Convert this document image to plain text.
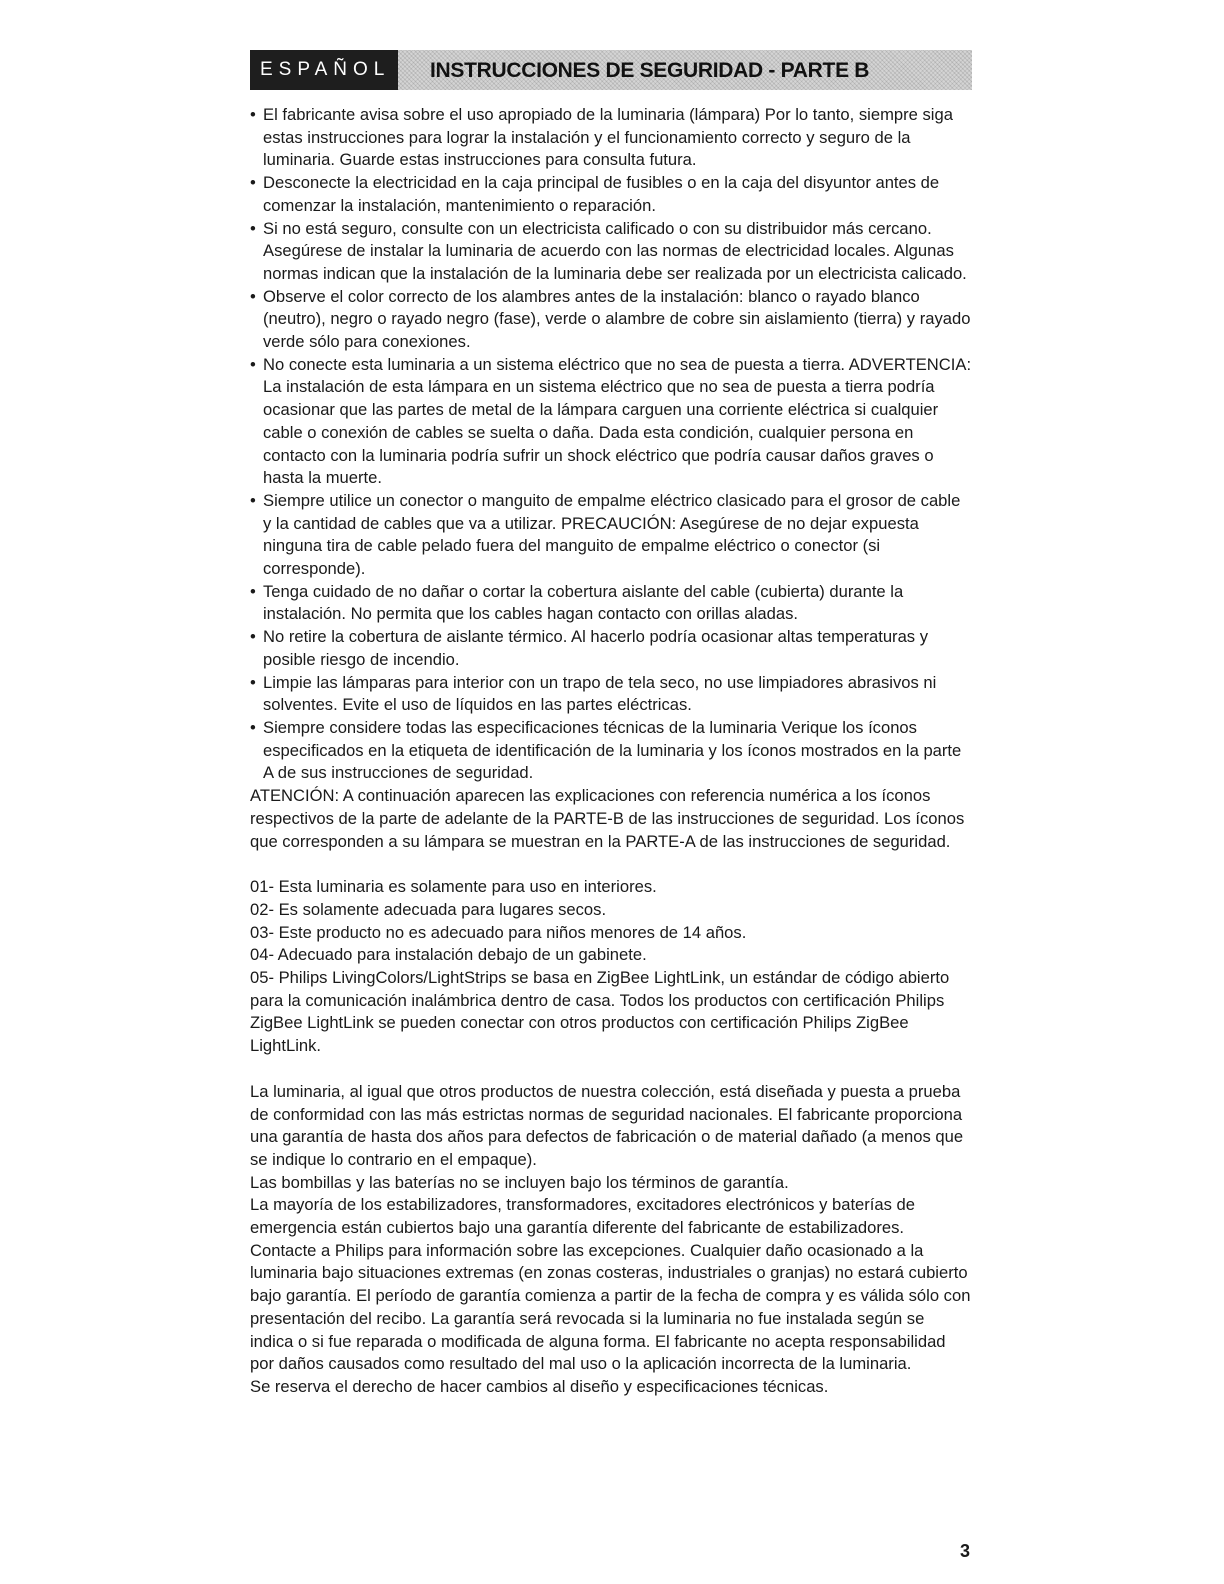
ESPAÑOL	INSTRUCCIONES DE SEGURIDAD - PARTE B
• El fabricante avisa sobre el uso apropiado de la luminaria (lámpara) Por lo tanto, siempre siga estas instrucciones para lograr la instalación y el funcionamiento correcto y seguro de la luminaria. Guarde estas instrucciones para consulta futura.
• Desconecte la electricidad en la caja principal de fusibles o en la caja del disyuntor antes de comenzar la instalación, mantenimiento o reparación.
• Si no está seguro, consulte con un electricista calificado o con su distribuidor más cercano. Asegúrese de instalar la luminaria de acuerdo con las normas de electricidad locales. Algunas normas indican que la instalación de la luminaria debe ser realizada por un electricista calicado.
• Observe el color correcto de los alambres antes de la instalación: blanco o rayado blanco (neutro), negro o rayado negro (fase), verde o alambre de cobre sin aislamiento (tierra) y rayado verde sólo para conexiones.
• No conecte esta luminaria a un sistema eléctrico que no sea de puesta a tierra. ADVERTENCIA: La instalación de esta lámpara en un sistema eléctrico que no sea de puesta a tierra podría ocasionar que las partes de metal de la lámpara carguen una corriente eléctrica si cualquier cable o conexión de cables se suelta o daña. Dada esta condición, cualquier persona en contacto con la luminaria podría sufrir un shock eléctrico que podría causar daños graves o hasta la muerte.
• Siempre utilice un conector o manguito de empalme eléctrico clasicado para el grosor de cable y la cantidad de cables que va a utilizar. PRECAUCIÓN: Asegúrese de no dejar expuesta ninguna tira de cable pelado fuera del manguito de empalme eléctrico o conector (si corresponde).
• Tenga cuidado de no dañar o cortar la cobertura aislante del cable (cubierta) durante la instalación. No permita que los cables hagan contacto con orillas aladas.
• No retire la cobertura de aislante térmico. Al hacerlo podría ocasionar altas temperaturas y posible riesgo de incendio.
• Limpie las lámparas para interior con un trapo de tela seco, no use limpiadores abrasivos ni solventes. Evite el uso de líquidos en las partes eléctricas.
• Siempre considere todas las especificaciones técnicas de la luminaria Verique los íconos especificados en la etiqueta de identificación de la luminaria y los íconos mostrados en la parte A de sus instrucciones de seguridad.

ATENCIÓN: A continuación aparecen las explicaciones con referencia numérica a los íconos respectivos de la parte de adelante de la PARTE-B de las instrucciones de seguridad. Los íconos que corresponden a su lámpara se muestran en la PARTE-A de las instrucciones de seguridad.

01- Esta luminaria es solamente para uso en interiores.

02- Es solamente adecuada para lugares secos.

03- Este producto no es adecuado para niños menores de 14 años.

04- Adecuado para instalación debajo de un gabinete.

05- Philips LivingColors/LightStrips se basa en ZigBee LightLink, un estándar de código abierto para la comunicación inalámbrica dentro de casa. Todos los productos con certificación Philips ZigBee LightLink se pueden conectar con otros productos con certificación Philips ZigBee LightLink.

La luminaria, al igual que otros productos de nuestra colección, está diseñada y puesta a prueba de conformidad con las más estrictas normas de seguridad nacionales. El fabricante proporciona una garantía de hasta dos años para defectos de fabricación o de material dañado (a menos que se indique lo contrario en el empaque).

Las bombillas y las baterías no se incluyen bajo los términos de garantía.

La mayoría de los estabilizadores, transformadores, excitadores electrónicos y baterías de emergencia están cubiertos bajo una garantía diferente del fabricante de estabilizadores. Contacte a Philips para información sobre las excepciones. Cualquier daño ocasionado a la luminaria bajo situaciones extremas (en zonas costeras, industriales o granjas) no estará cubierto bajo garantía. El período de garantía comienza a partir de la fecha de compra y es válida sólo con presentación del recibo. La garantía será revocada si la luminaria no fue instalada según se indica o si fue reparada o modificada de alguna forma. El fabricante no acepta responsabilidad por daños causados como resultado del mal uso o la aplicación incorrecta de la luminaria.

Se reserva el derecho de hacer cambios al diseño y especificaciones técnicas.

3
